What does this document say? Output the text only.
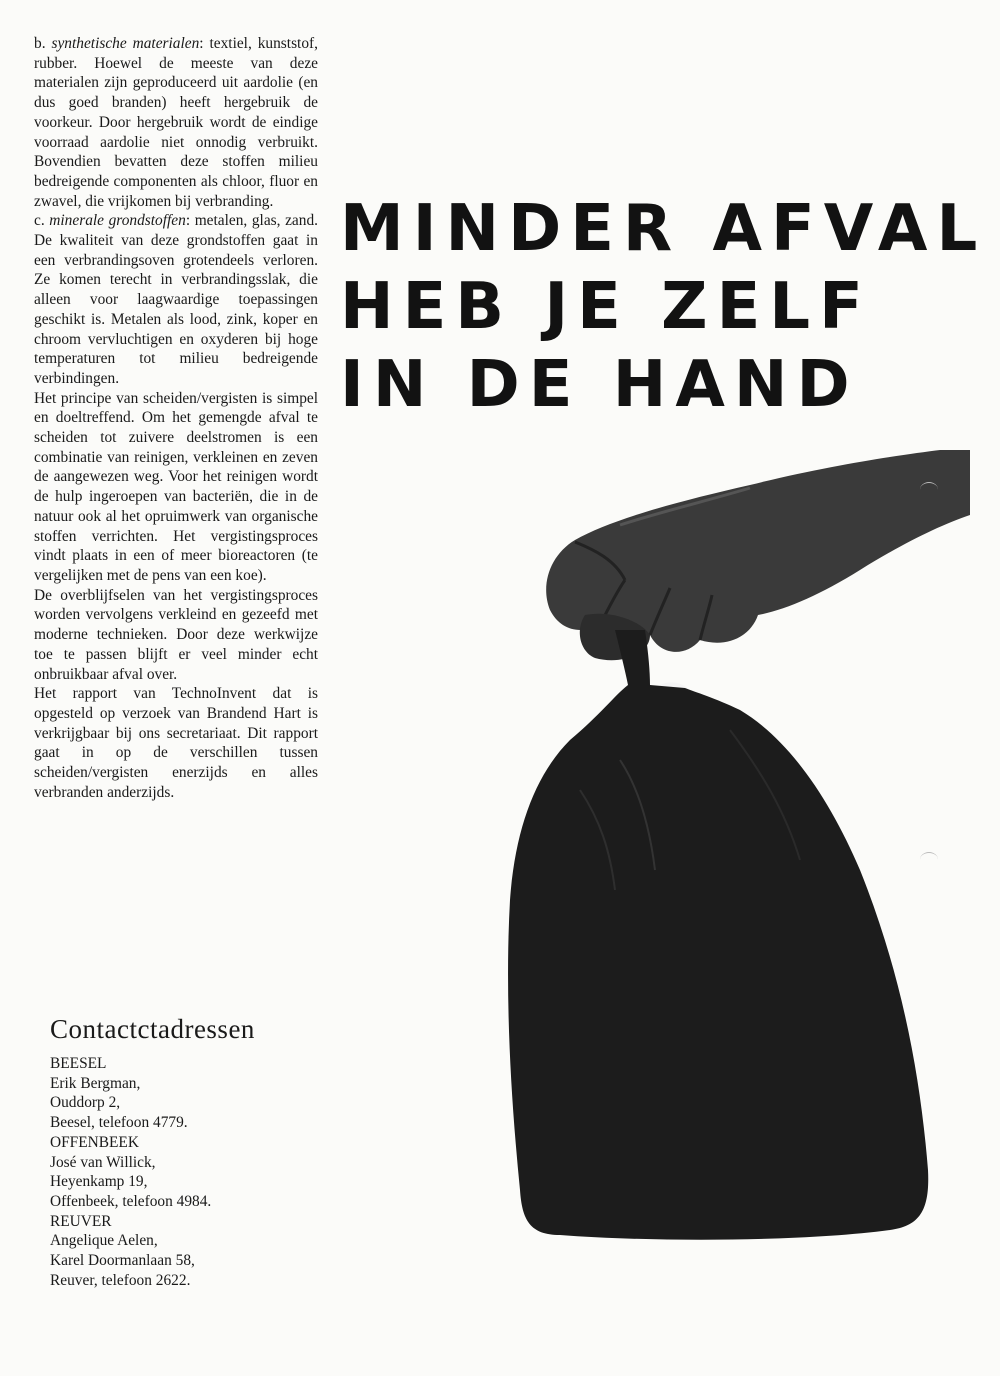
b. synthetische materialen: textiel, kunststof, rubber. Hoewel de meeste van deze materialen zijn geproduceerd uit aardolie (en dus goed branden) heeft hergebruik de voorkeur. Door hergebruik wordt de eindige voorraad aardolie niet onnodig verbruikt. Bovendien bevatten deze stoffen milieu bedreigende componenten als chloor, fluor en zwavel, die vrijkomen bij verbranding.

c. minerale grondstoffen: metalen, glas, zand. De kwaliteit van deze grondstoffen gaat in een verbrandingsoven grotendeels verloren. Ze komen terecht in verbrandingsslak, die alleen voor laagwaardige toepassingen geschikt is. Metalen als lood, zink, koper en chroom vervluchtigen en oxyderen bij hoge temperaturen tot milieu bedreigende verbindingen.

Het principe van scheiden/vergisten is simpel en doeltreffend. Om het gemengde afval te scheiden tot zuivere deelstromen is een combinatie van reinigen, verkleinen en zeven de aangewezen weg. Voor het reinigen wordt de hulp ingeroepen van bacteriën, die in de natuur ook al het opruimwerk van organische stoffen verrichten. Het vergistingsproces vindt plaats in een of meer bioreactoren (te vergelijken met de pens van een koe).

De overblijfselen van het vergistingsproces worden vervolgens verkleind en gezeefd met moderne technieken. Door deze werkwijze toe te passen blijft er veel minder echt onbruikbaar afval over.

Het rapport van TechnoInvent dat is opgesteld op verzoek van Brandend Hart is verkrijgbaar bij ons secretariaat. Dit rapport gaat in op de verschillen tussen scheiden/vergisten enerzijds en alles verbranden anderzijds.

Contactctadressen
BEESEL
Erik Bergman,
Ouddorp 2,
Beesel, telefoon 4779.
OFFENBEEK
José van Willick,
Heyenkamp 19,
Offenbeek, telefoon 4984.
REUVER
Angelique Aelen,
Karel Doormanlaan 58,
Reuver, telefoon 2622.
MINDER AFVAL
HEB JE ZELF
IN DE HAND
